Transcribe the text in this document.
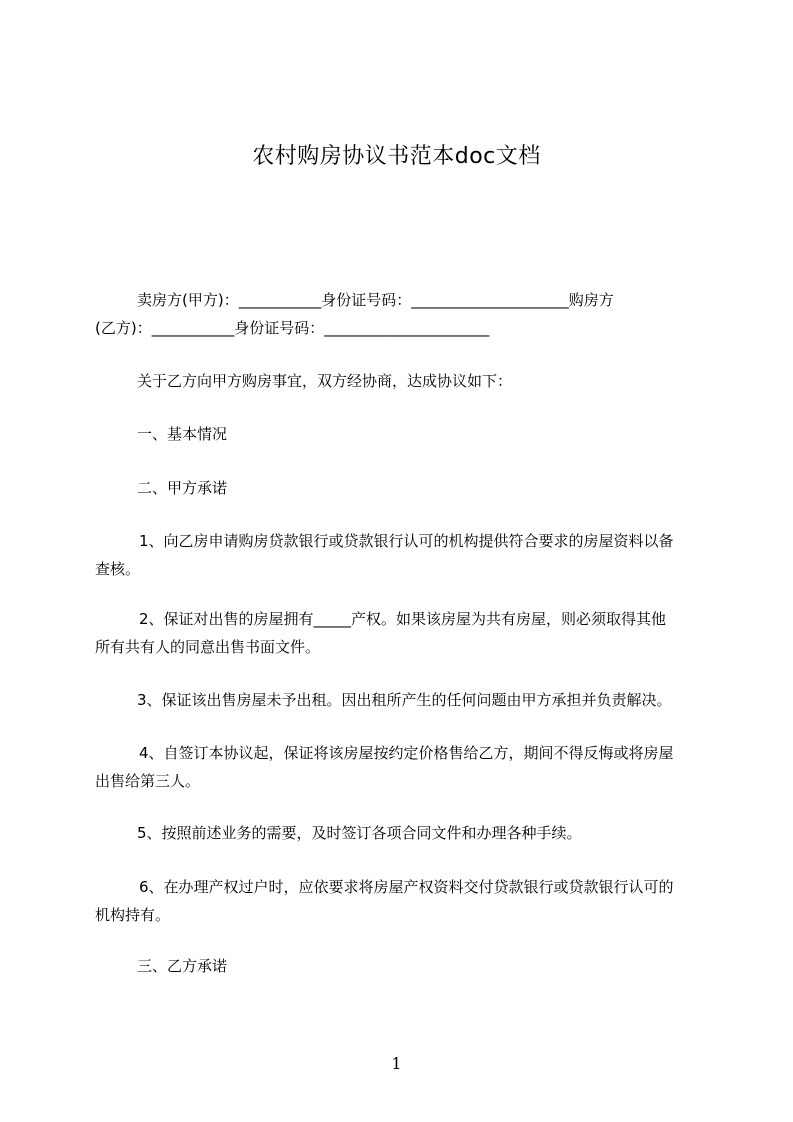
农村购房协议书范本doc文档
卖房方(甲方)：___________身份证号码：_____________________购房方
(乙方)：___________身份证号码：______________________
关于乙方向甲方购房事宜，双方经协商，达成协议如下：
一、基本情况
二、甲方承诺
1、向乙房申请购房贷款银行或贷款银行认可的机构提供符合要求的房屋资料以备
查核。
2、保证对出售的房屋拥有_____产权。如果该房屋为共有房屋，则必须取得其他
所有共有人的同意出售书面文件。
3、保证该出售房屋未予出租。因出租所产生的任何问题由甲方承担并负责解决。
4、自签订本协议起，保证将该房屋按约定价格售给乙方，期间不得反悔或将房屋
出售给第三人。
5、按照前述业务的需要，及时签订各项合同文件和办理各种手续。
6、在办理产权过户时，应依要求将房屋产权资料交付贷款银行或贷款银行认可的
机构持有。
三、乙方承诺
1
